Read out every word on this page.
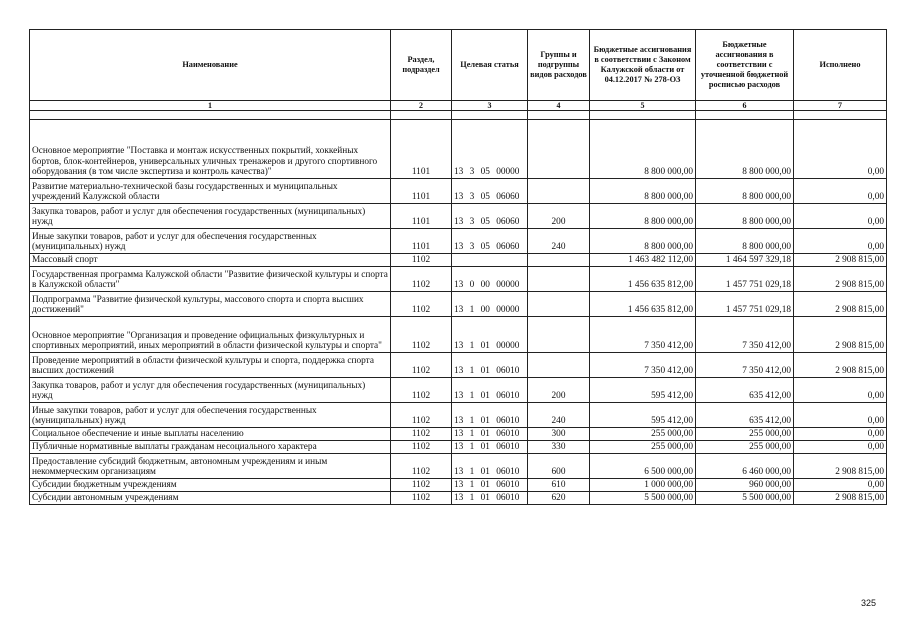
Наименование	Раздел, подраздел	Целевая статья	Группы и подгруппы видов расходов	Бюджетные ассигнования в соответствии с Законом Калужской области от 04.12.2017 № 278-ОЗ	Бюджетные ассигнования в соответствии с уточненной бюджетной росписью расходов	Исполнено
1	2	3	4	5	6	7

Основное мероприятие "Поставка и монтаж искусственных покрытий, хоккейных бортов, блок-контейнеров, универсальных уличных тренажеров и другого спортивного оборудования (в том числе экспертиза и контроль качества)"	1101	13 3 05 00000		8 800 000,00	8 800 000,00	0,00
Развитие материально-технической базы государственных и муниципальных учреждений Калужской области	1101	13 3 05 06060		8 800 000,00	8 800 000,00	0,00
Закупка товаров, работ и услуг для обеспечения государственных (муниципальных) нужд	1101	13 3 05 06060	200	8 800 000,00	8 800 000,00	0,00
Иные закупки товаров, работ и услуг для обеспечения государственных (муниципальных) нужд	1101	13 3 05 06060	240	8 800 000,00	8 800 000,00	0,00
Массовый спорт	1102			1 463 482 112,00	1 464 597 329,18	2 908 815,00
Государственная программа Калужской области "Развитие физической культуры и спорта в Калужской области"	1102	13 0 00 00000		1 456 635 812,00	1 457 751 029,18	2 908 815,00
Подпрограмма "Развитие физической культуры, массового спорта и спорта высших достижений"	1102	13 1 00 00000		1 456 635 812,00	1 457 751 029,18	2 908 815,00
Основное мероприятие "Организация и проведение официальных физкультурных и спортивных мероприятий, иных мероприятий в области физической культуры и спорта"	1102	13 1 01 00000		7 350 412,00	7 350 412,00	2 908 815,00
Проведение мероприятий в области физической культуры и спорта, поддержка спорта высших достижений	1102	13 1 01 06010		7 350 412,00	7 350 412,00	2 908 815,00
Закупка товаров, работ и услуг для обеспечения государственных (муниципальных) нужд	1102	13 1 01 06010	200	595 412,00	635 412,00	0,00
Иные закупки товаров, работ и услуг для обеспечения государственных (муниципальных) нужд	1102	13 1 01 06010	240	595 412,00	635 412,00	0,00
Социальное обеспечение и иные выплаты населению	1102	13 1 01 06010	300	255 000,00	255 000,00	0,00
Публичные нормативные выплаты гражданам несоциального характера	1102	13 1 01 06010	330	255 000,00	255 000,00	0,00
Предоставление субсидий бюджетным, автономным учреждениям и иным некоммерческим организациям	1102	13 1 01 06010	600	6 500 000,00	6 460 000,00	2 908 815,00
Субсидии бюджетным учреждениям	1102	13 1 01 06010	610	1 000 000,00	960 000,00	0,00
Субсидии автономным учреждениям	1102	13 1 01 06010	620	5 500 000,00	5 500 000,00	2 908 815,00
325
